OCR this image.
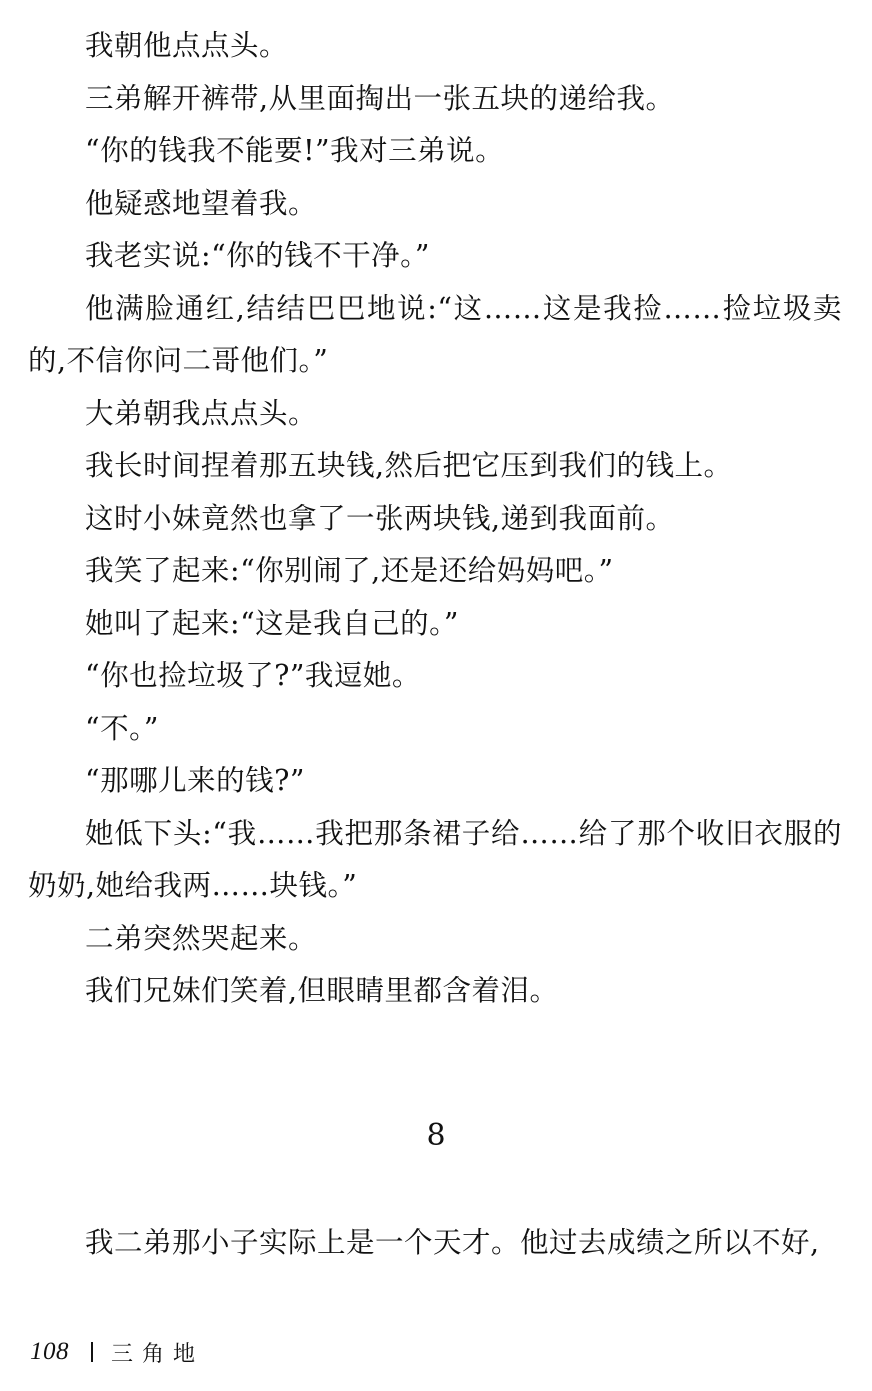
我朝他点点头。

三弟解开裤带,从里面掏出一张五块的递给我。

“你的钱我不能要!”我对三弟说。

他疑惑地望着我。

我老实说:“你的钱不干净。”

他满脸通红,结结巴巴地说:“这……这是我捡……捡垃圾卖的,不信你问二哥他们。”

大弟朝我点点头。

我长时间捏着那五块钱,然后把它压到我们的钱上。

这时小妹竟然也拿了一张两块钱,递到我面前。

我笑了起来:“你别闹了,还是还给妈妈吧。”

她叫了起来:“这是我自己的。”

“你也捡垃圾了?”我逗她。

“不。”

“那哪儿来的钱?”

她低下头:“我……我把那条裙子给……给了那个收旧衣服的奶奶,她给我两……块钱。”

二弟突然哭起来。

我们兄妹们笑着,但眼睛里都含着泪。

8

我二弟那小子实际上是一个天才。他过去成绩之所以不好,

108 三角地
